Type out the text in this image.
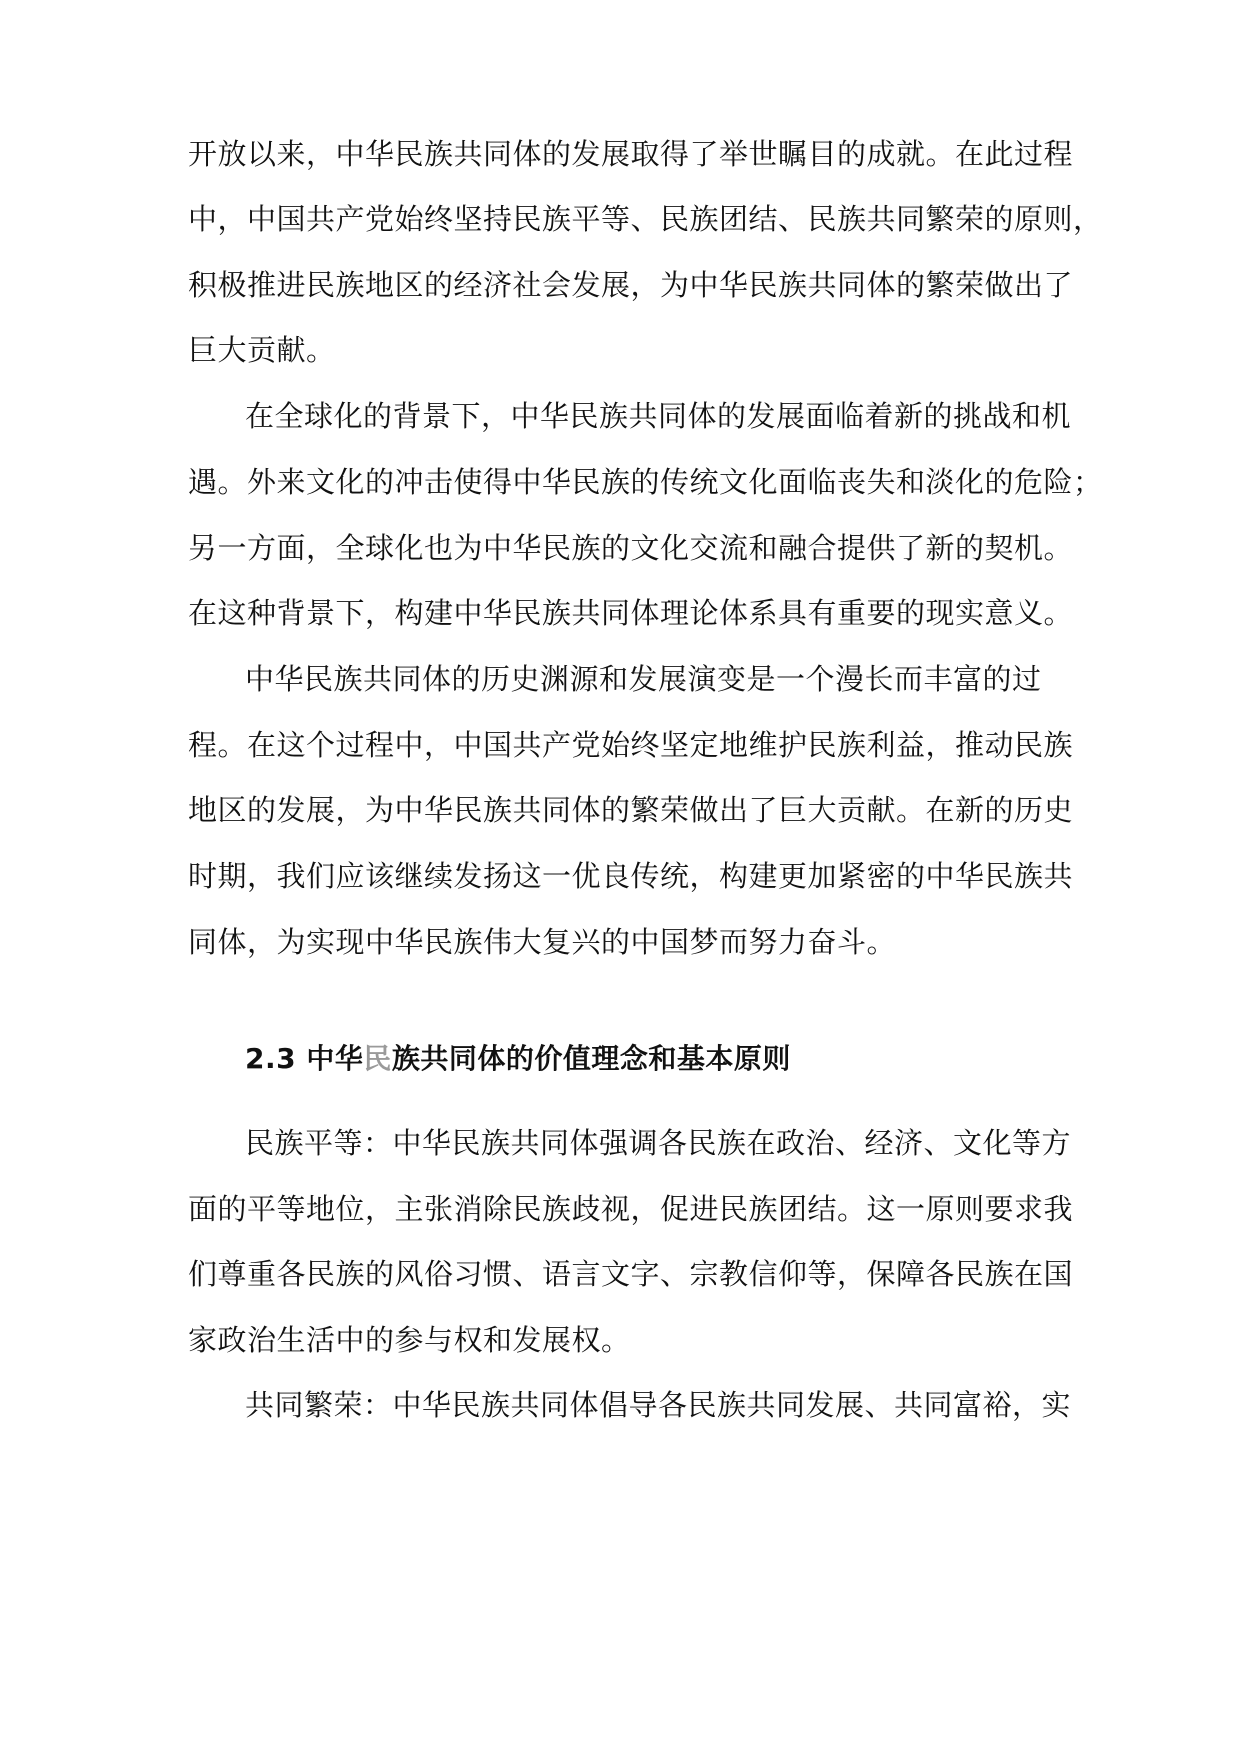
开放以来，中华民族共同体的发展取得了举世瞩目的成就。在此过程
中，中国共产党始终坚持民族平等、民族团结、民族共同繁荣的原则，
积极推进民族地区的经济社会发展，为中华民族共同体的繁荣做出了
巨大贡献。
在全球化的背景下，中华民族共同体的发展面临着新的挑战和机
遇。外来文化的冲击使得中华民族的传统文化面临丧失和淡化的危险；
另一方面，全球化也为中华民族的文化交流和融合提供了新的契机。
在这种背景下，构建中华民族共同体理论体系具有重要的现实意义。
中华民族共同体的历史渊源和发展演变是一个漫长而丰富的过
程。在这个过程中，中国共产党始终坚定地维护民族利益，推动民族
地区的发展，为中华民族共同体的繁荣做出了巨大贡献。在新的历史
时期，我们应该继续发扬这一优良传统，构建更加紧密的中华民族共
同体，为实现中华民族伟大复兴的中国梦而努力奋斗。
2.3 中华民族共同体的价值理念和基本原则
民族平等：中华民族共同体强调各民族在政治、经济、文化等方
面的平等地位，主张消除民族歧视，促进民族团结。这一原则要求我
们尊重各民族的风俗习惯、语言文字、宗教信仰等，保障各民族在国
家政治生活中的参与权和发展权。
共同繁荣：中华民族共同体倡导各民族共同发展、共同富裕，实
